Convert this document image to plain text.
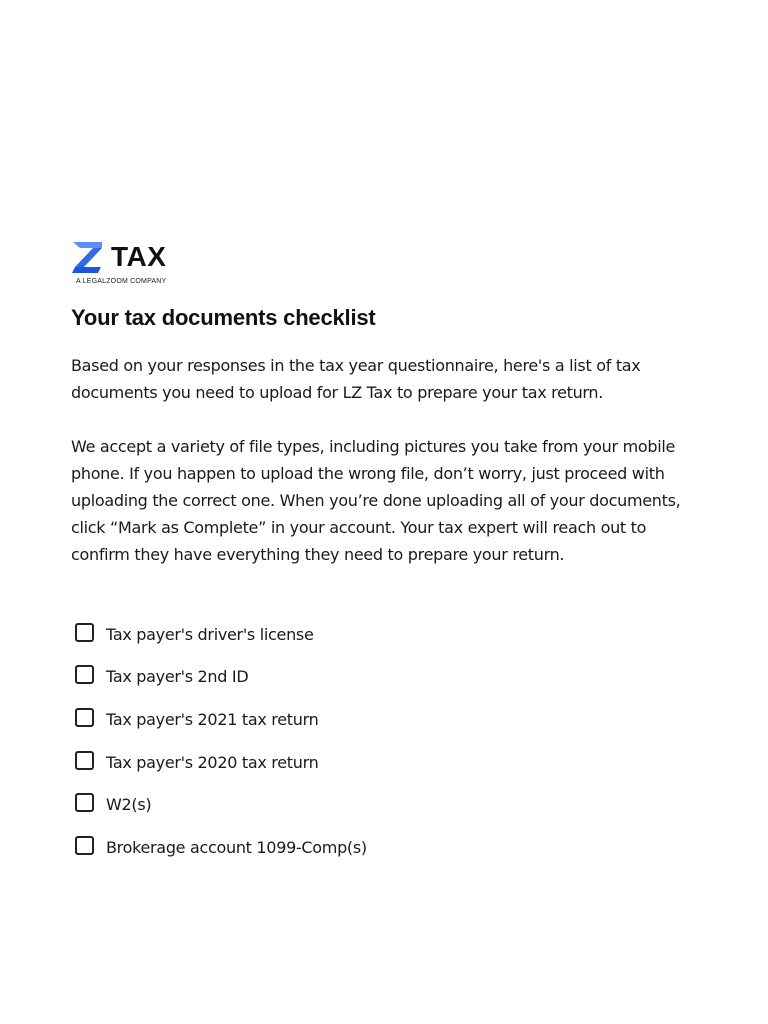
TAX
A LEGALZOOM COMPANY
Your tax documents checklist

Based on your responses in the tax year questionnaire, here's a list of tax documents you need to upload for LZ Tax to prepare your tax return.

We accept a variety of file types, including pictures you take from your mobile phone. If you happen to upload the wrong file, don’t worry, just proceed with uploading the correct one. When you’re done uploading all of your documents, click “Mark as Complete” in your account. Your tax expert will reach out to confirm they have everything they need to prepare your return.

Tax payer's driver's license
Tax payer's 2nd ID
Tax payer's 2021 tax return
Tax payer's 2020 tax return
W2(s)
Brokerage account 1099-Comp(s)
